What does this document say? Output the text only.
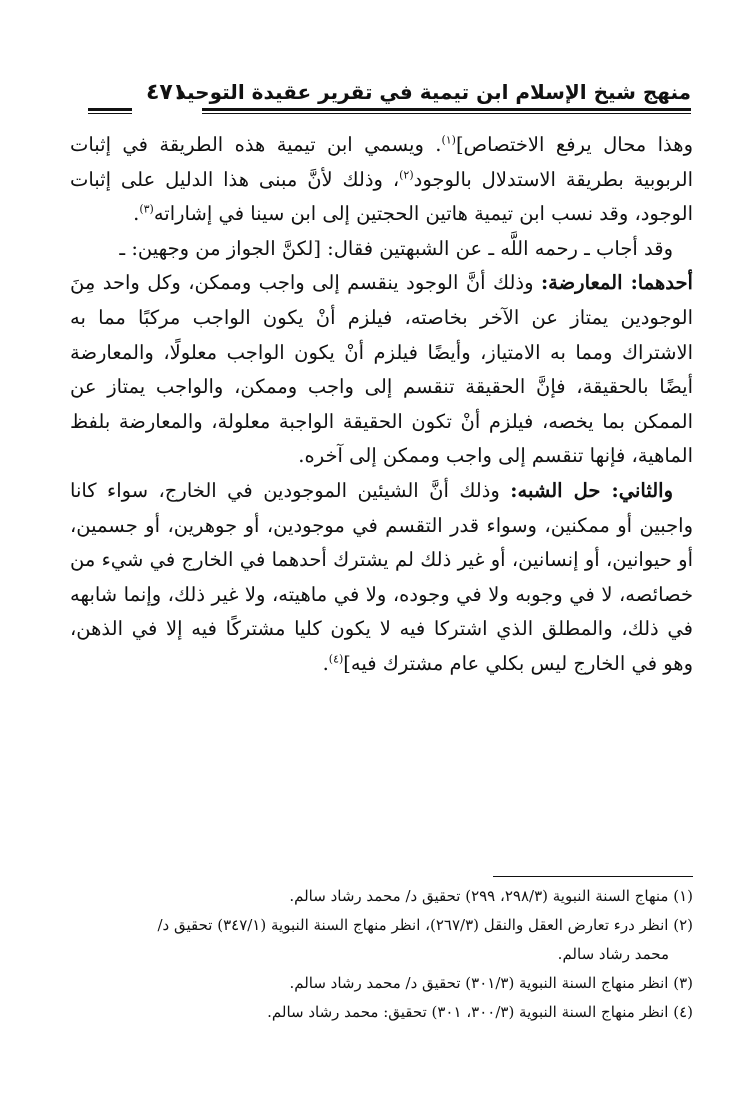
منهج شيخ الإسلام ابن تيمية في تقرير عقيدة التوحيد
٤٧١

وهذا محال يرفع الاختصاص]$^{(١)}$. ويسمي ابن تيمية هذه الطريقة في إثبات الربوبية بطريقة الاستدلال بالوجود$^{(٢)}$، وذلك لأنَّ مبنى هذا الدليل على إثبات الوجود، وقد نسب ابن تيمية هاتين الحجتين إلى ابن سينا في إشاراته$^{(٣)}$.

وقد أجاب ـ رحمه اللَّه ـ عن الشبهتين فقال: [لكنَّ الجواز من وجهين: ـ

أحدهما: المعارضة: وذلك أنَّ الوجود ينقسم إلى واجب وممكن، وكل واحد مِنَ الوجودين يمتاز عن الآخر بخاصته، فيلزم أنْ يكون الواجب مركبًا مما به الاشتراك ومما به الامتياز، وأيضًا فيلزم أنْ يكون الواجب معلولًا، والمعارضة أيضًا بالحقيقة، فإنَّ الحقيقة تنقسم إلى واجب وممكن، والواجب يمتاز عن الممكن بما يخصه، فيلزم أنْ تكون الحقيقة الواجبة معلولة، والمعارضة بلفظ الماهية، فإنها تنقسم إلى واجب وممكن إلى آخره.

والثاني: حل الشبه: وذلك أنَّ الشيئين الموجودين في الخارج، سواء كانا واجبين أو ممكنين، وسواء قدر التقسم في موجودين، أو جوهرين، أو جسمين، أو حيوانين، أو إنسانين، أو غير ذلك لم يشترك أحدهما في الخارج في شيء من خصائصه، لا في وجوبه ولا في وجوده، ولا في ماهيته، ولا غير ذلك، وإنما شابهه في ذلك، والمطلق الذي اشتركا فيه لا يكون كليا مشتركًا فيه إلا في الذهن، وهو في الخارج ليس بكلي عام مشترك فيه]$^{(٤)}$.

(١) منهاج السنة النبوية (٢٩٨/٣، ٢٩٩) تحقيق د/ محمد رشاد سالم.

(٢) انظر درء تعارض العقل والنقل (٢٦٧/٣)، انظر منهاج السنة النبوية (٣٤٧/١) تحقيق د/

محمد رشاد سالم.

(٣) انظر منهاج السنة النبوية (٣٠١/٣) تحقيق د/ محمد رشاد سالم.

(٤) انظر منهاج السنة النبوية (٣٠٠/٣، ٣٠١) تحقيق: محمد رشاد سالم.
